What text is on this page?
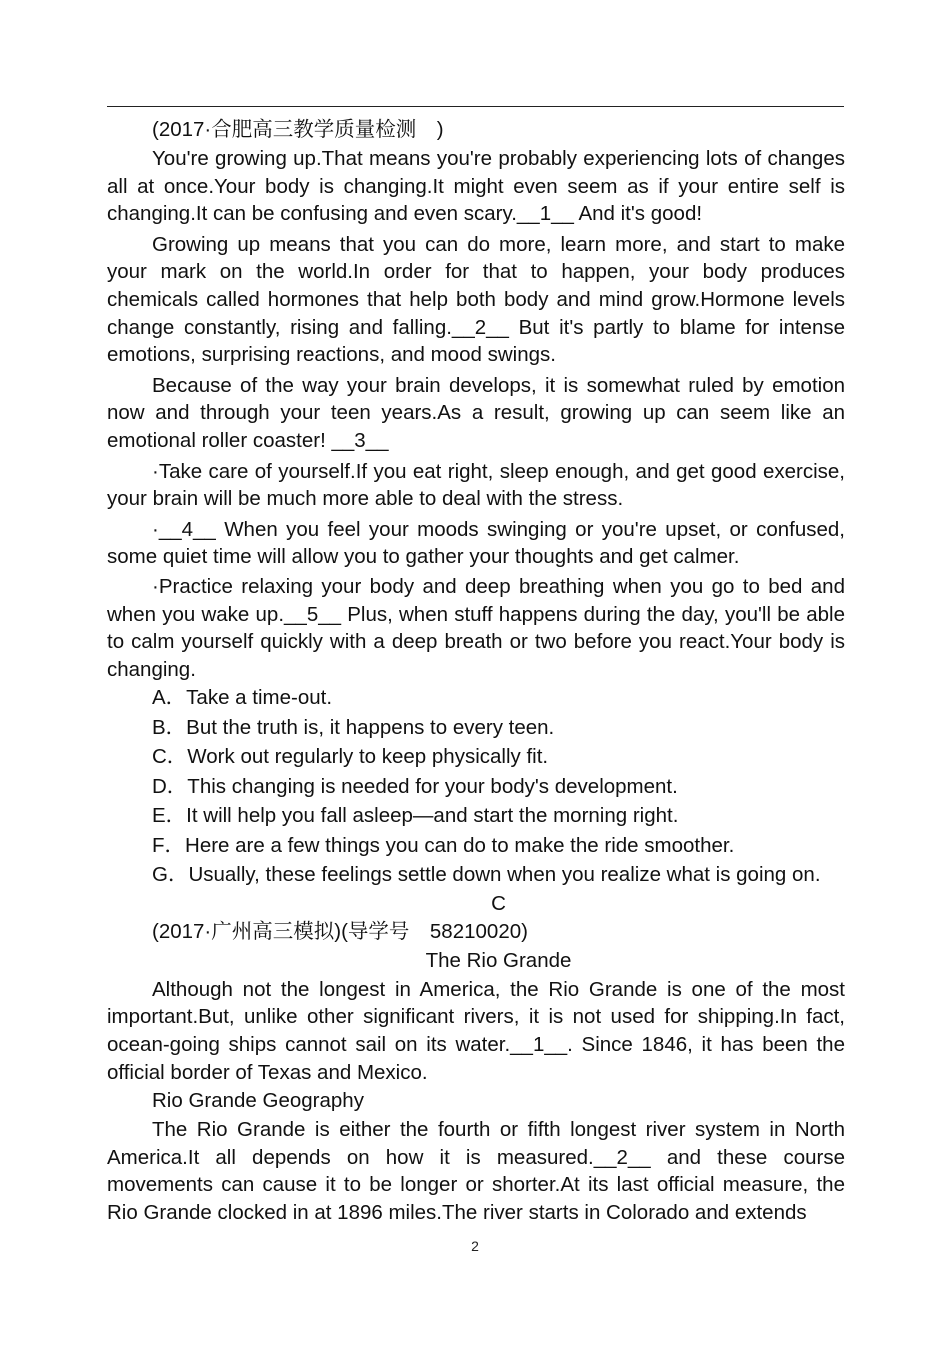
(2017·合肥高三教学质量检测　)

You're growing up.That means you're probably experiencing lots of changes all at once.Your body is changing.It might even seem as if your entire self is changing.It can be confusing and even scary.__1__ And it's good!

Growing up means that you can do more, learn more, and start to make your mark on the world.In order for that to happen, your body produces chemicals called hormones that help both body and mind grow.Hormone levels change constantly, rising and falling.__2__ But it's partly to blame for intense emotions, surprising reactions, and mood swings.

Because of the way your brain develops, it is somewhat ruled by emotion now and through your teen years.As a result, growing up can seem like an emotional roller coaster! __3__

·Take care of yourself.If you eat right, sleep enough, and get good exercise, your brain will be much more able to deal with the stress.

·__4__ When you feel your moods swinging or you're upset, or confused, some quiet time will allow you to gather your thoughts and get calmer.

·Practice relaxing your body and deep breathing when you go to bed and when you wake up.__5__ Plus, when stuff happens during the day, you'll be able to calm yourself quickly with a deep breath or two before you react.Your body is changing.

A．Take a time-out.

B．But the truth is, it happens to every teen.

C．Work out regularly to keep physically fit.

D．This changing is needed for your body's development.

E．It will help you fall asleep—and start the morning right.

F．Here are a few things you can do to make the ride smoother.

G．Usually, these feelings settle down when you realize what is going on.

C

(2017·广州高三模拟)(导学号　58210020)

The Rio Grande

Although not the longest in America, the Rio Grande is one of the most important.But, unlike other significant rivers, it is not used for shipping.In fact, ocean-going ships cannot sail on its water.__1__. Since 1846, it has been the official border of Texas and Mexico.

Rio Grande Geography

The Rio Grande is either the fourth or fifth longest river system in North America.It all depends on how it is measured.__2__ and these course movements can cause it to be longer or shorter.At its last official measure, the Rio Grande clocked in at 1896 miles.The river starts in Colorado and extends

2
